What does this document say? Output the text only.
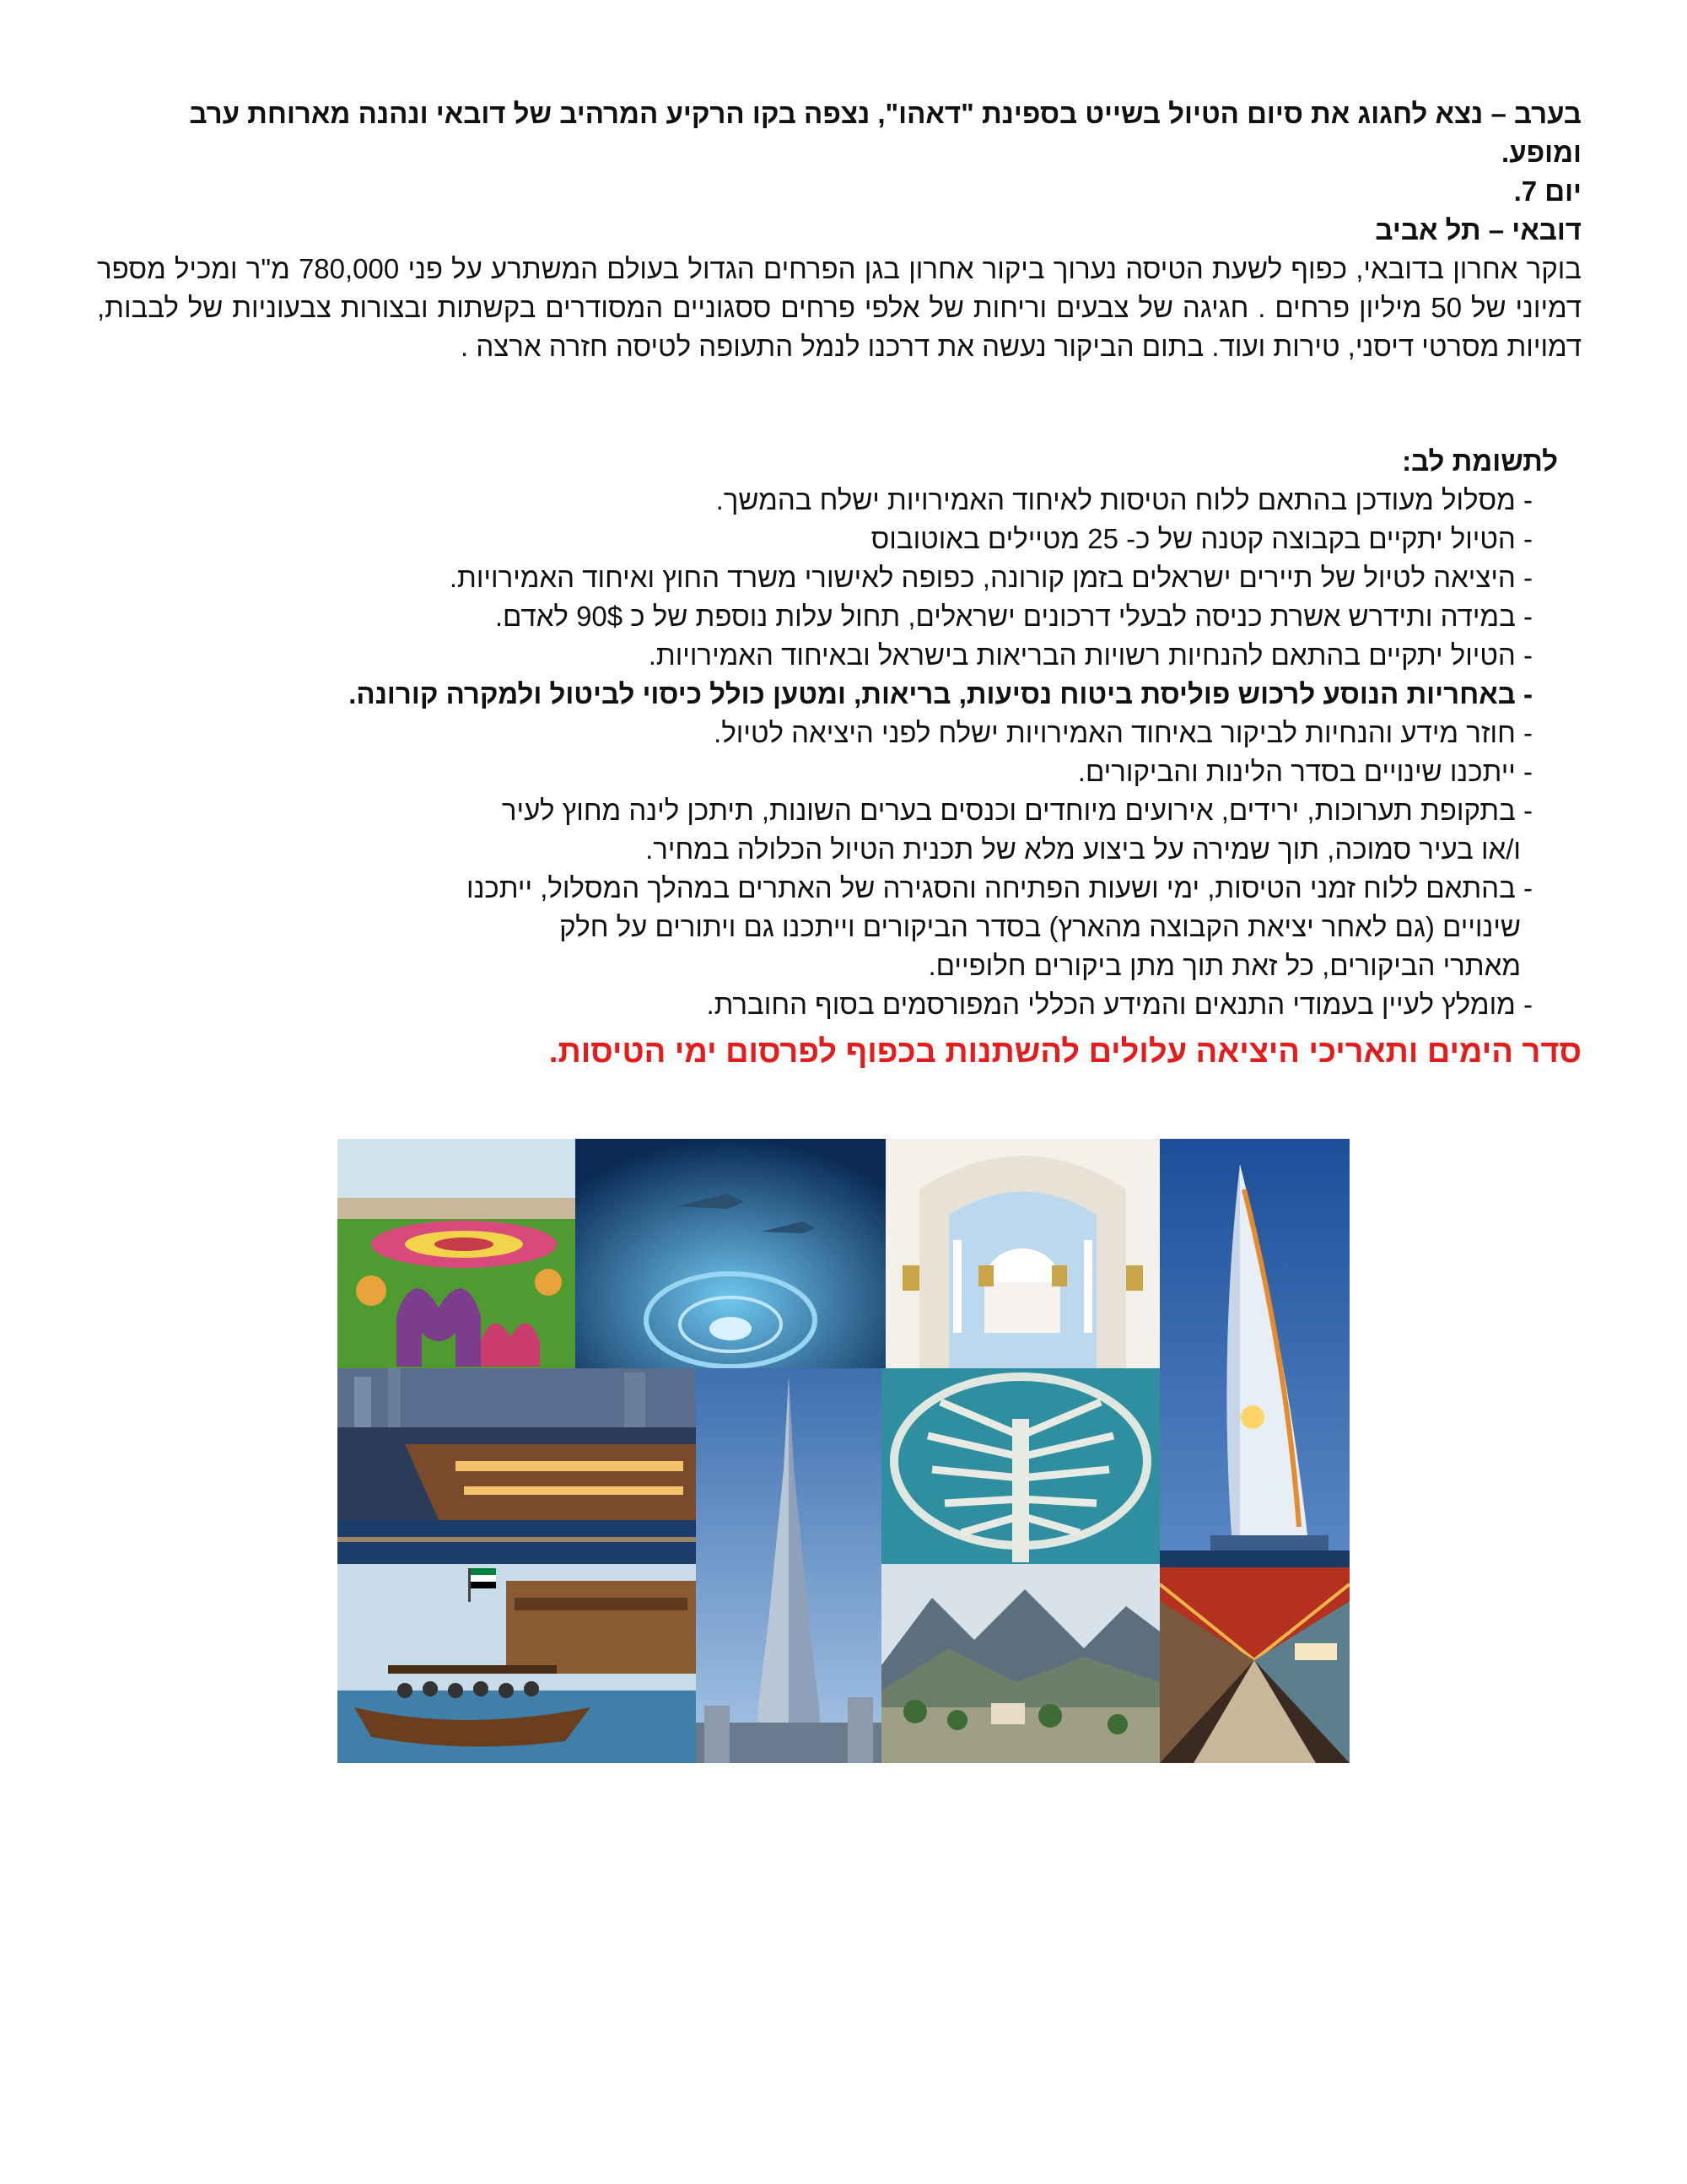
בערב – נצא לחגוג את סיום הטיול בשייט בספינת "דאהו", נצפה בקו הרקיע המרהיב של דובאי ונהנה מארוחת ערב

ומופע.

יום 7.

דובאי – תל אביב

בוקר אחרון בדובאי, כפוף לשעת הטיסה נערוך ביקור אחרון בגן הפרחים הגדול בעולם המשתרע על פני 780,000 מ"ר ומכיל מספר דמיוני של 50 מיליון פרחים . חגיגה של צבעים וריחות של אלפי פרחים ססגוניים המסודרים בקשתות ובצורות צבעוניות של לבבות, דמויות מסרטי דיסני, טירות ועוד. בתום הביקור נעשה את דרכנו לנמל התעופה לטיסה חזרה ארצה .

לתשומת לב:
- מסלול מעודכן בהתאם ללוח הטיסות לאיחוד האמירויות ישלח בהמשך.
- הטיול יתקיים בקבוצה קטנה של כ- 25 מטיילים באוטובוס
- היציאה לטיול של תיירים ישראלים בזמן קורונה, כפופה לאישורי משרד החוץ ואיחוד האמירויות.
- במידה ותידרש אשרת כניסה לבעלי דרכונים ישראלים, תחול עלות נוספת של כ 90$ לאדם.
- הטיול יתקיים בהתאם להנחיות רשויות הבריאות בישראל ובאיחוד האמירויות.
- באחריות הנוסע לרכוש פוליסת ביטוח נסיעות, בריאות, ומטען כולל כיסוי לביטול ולמקרה קורונה.
- חוזר מידע והנחיות לביקור באיחוד האמירויות ישלח לפני היציאה לטיול.
- ייתכנו שינויים בסדר הלינות והביקורים.
- בתקופת תערוכות, ירידים, אירועים מיוחדים וכנסים בערים השונות, תיתכן לינה מחוץ לעיר
ו/או בעיר סמוכה, תוך שמירה על ביצוע מלא של תכנית הטיול הכלולה במחיר.
- בהתאם ללוח זמני הטיסות, ימי ושעות הפתיחה והסגירה של האתרים במהלך המסלול, ייתכנו
שינויים (גם לאחר יציאת הקבוצה מהארץ) בסדר הביקורים וייתכנו גם ויתורים על חלק
מאתרי הביקורים, כל זאת תוך מתן ביקורים חלופיים.
- מומלץ לעיין בעמודי התנאים והמידע הכללי המפורסמים בסוף החוברת.
סדר הימים ותאריכי היציאה עלולים להשתנות בכפוף לפרסום ימי הטיסות.
